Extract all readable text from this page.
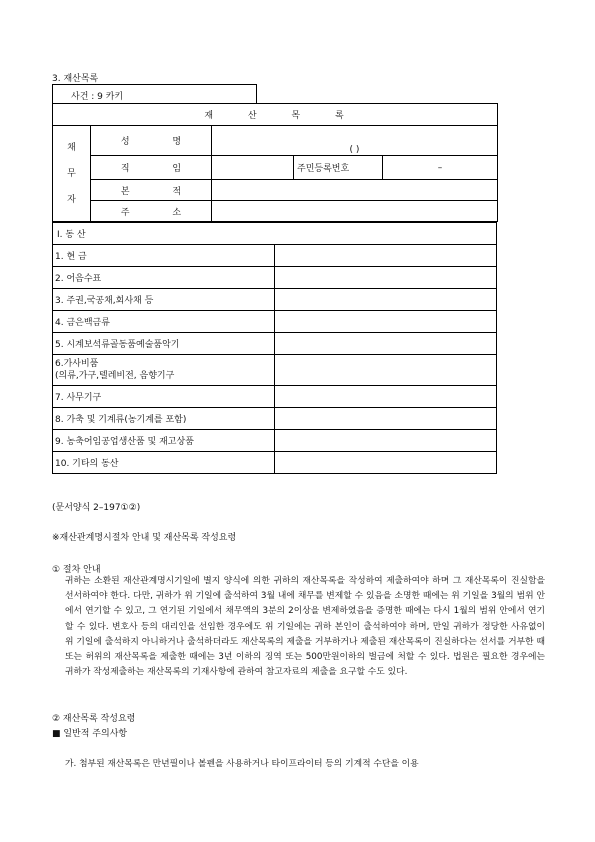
3. 재산목록
사건 : 9 카키
재 산 목 록				

채
무
자	성 명	( )		
	직 임		주민등록번호	–
	본 적			
	주 소			
Ⅰ. 동 산	
1. 현 금	
2. 어음수표	
3. 주권,국공채,회사채 등	
4. 금은백금류	
5. 시계보석류골동품예술품악기	
6.가사비품
(의류,가구,텔레비전, 음향기구	
7. 사무기구	
8. 가축 및 기계류(농기계를 포함)	
9. 농축어임공업생산품 및 재고상품	
10. 기타의 동산	
(문서양식 2–197①②)
※재산관계명시절차 안내 및 재산목록 작성요령
① 절차 안내
귀하는 소환된 재산관계명시기일에 별지 양식에 의한 귀하의 재산목록을 작성하여 제출하여야 하며 그 재산목록이 진실함을 선서하여야 한다. 다만, 귀하가 위 기일에 출석하여 3월 내에 채무를 변제할 수 있음을 소명한 때에는 위 기일을 3월의 범위 안에서 연기할 수 있고, 그 연기된 기일에서 채무액의 3분의 2이상을 변제하였음을 증명한 때에는 다시 1월의 범위 안에서 연기할 수 있다. 변호사 등의 대리인을 선임한 경우에도 위 기일에는 귀하 본인이 출석하여야 하며, 만일 귀하가 정당한 사유없이 위 기일에 출석하지 아니하거나 출석하더라도 재산목록의 제출을 거부하거나 제출된 재산목록이 진실하다는 선서를 거부한 때 또는 허위의 재산목록을 제출한 때에는 3년 이하의 징역 또는 500만원이하의 벌금에 처할 수 있다. 법원은 필요한 경우에는 귀하가 작성제출하는 재산목록의 기재사항에 관하여 참고자료의 제출을 요구할 수도 있다.
② 재산목록 작성요령
■ 일반적 주의사항
가. 첨부된 재산목록은 만년필이나 볼펜을 사용하거나 타이프라이터 등의 기계적 수단을 이용
